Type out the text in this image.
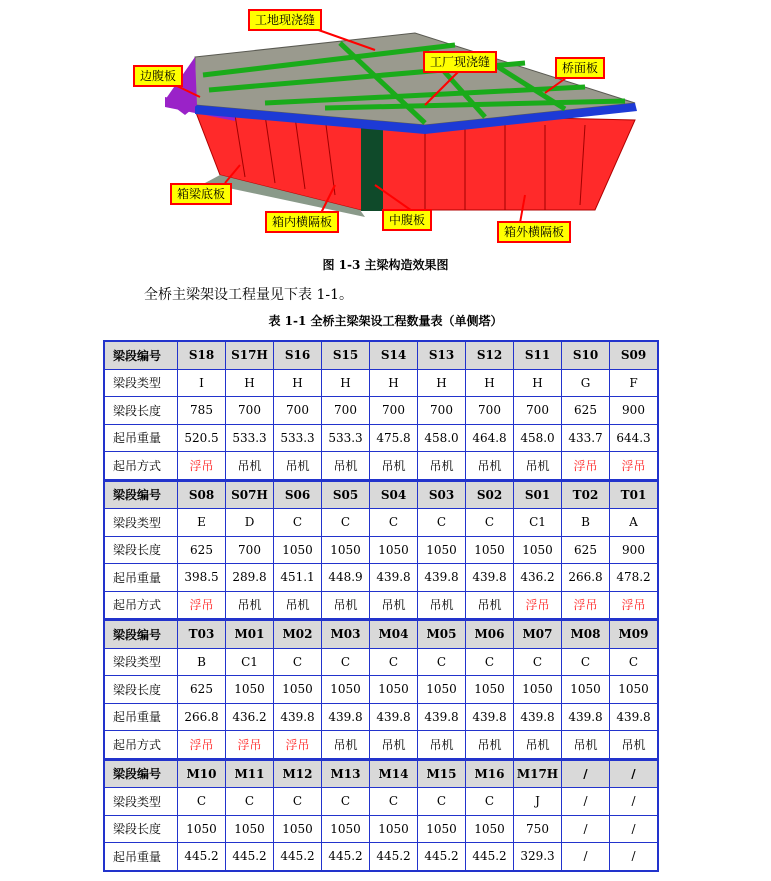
工地现浇缝
边腹板
工厂现浇缝	桥面板
箱梁底板
箱内横隔板	中腹板
箱外横隔板
图 1-3 主梁构造效果图
全桥主梁架设工程量见下表 1-1。
表 1-1 全桥主梁架设工程数量表（单侧塔）
梁段编号	S18	S17H	S16	S15	S14	S13	S12	S11	S10	S09
梁段类型	I	H	H	H	H	H	H	H	G	F
梁段长度	785	700	700	700	700	700	700	700	625	900
起吊重量	520.5	533.3	533.3	533.3	475.8	458.0	464.8	458.0	433.7	644.3
起吊方式	浮吊	吊机	吊机	吊机	吊机	吊机	吊机	吊机	浮吊	浮吊
梁段编号	S08	S07H	S06	S05	S04	S03	S02	S01	T02	T01
梁段类型	E	D	C	C	C	C	C	C1	B	A
梁段长度	625	700	1050	1050	1050	1050	1050	1050	625	900
起吊重量	398.5	289.8	451.1	448.9	439.8	439.8	439.8	436.2	266.8	478.2
起吊方式	浮吊	吊机	吊机	吊机	吊机	吊机	吊机	浮吊	浮吊	浮吊
梁段编号	T03	M01	M02	M03	M04	M05	M06	M07	M08	M09
梁段类型	B	C1	C	C	C	C	C	C	C	C
梁段长度	625	1050	1050	1050	1050	1050	1050	1050	1050	1050
起吊重量	266.8	436.2	439.8	439.8	439.8	439.8	439.8	439.8	439.8	439.8
起吊方式	浮吊	浮吊	浮吊	吊机	吊机	吊机	吊机	吊机	吊机	吊机
梁段编号	M10	M11	M12	M13	M14	M15	M16	M17H	/	/
梁段类型	C	C	C	C	C	C	C	J	/	/
梁段长度	1050	1050	1050	1050	1050	1050	1050	750	/	/
起吊重量	445.2	445.2	445.2	445.2	445.2	445.2	445.2	329.3	/	/
